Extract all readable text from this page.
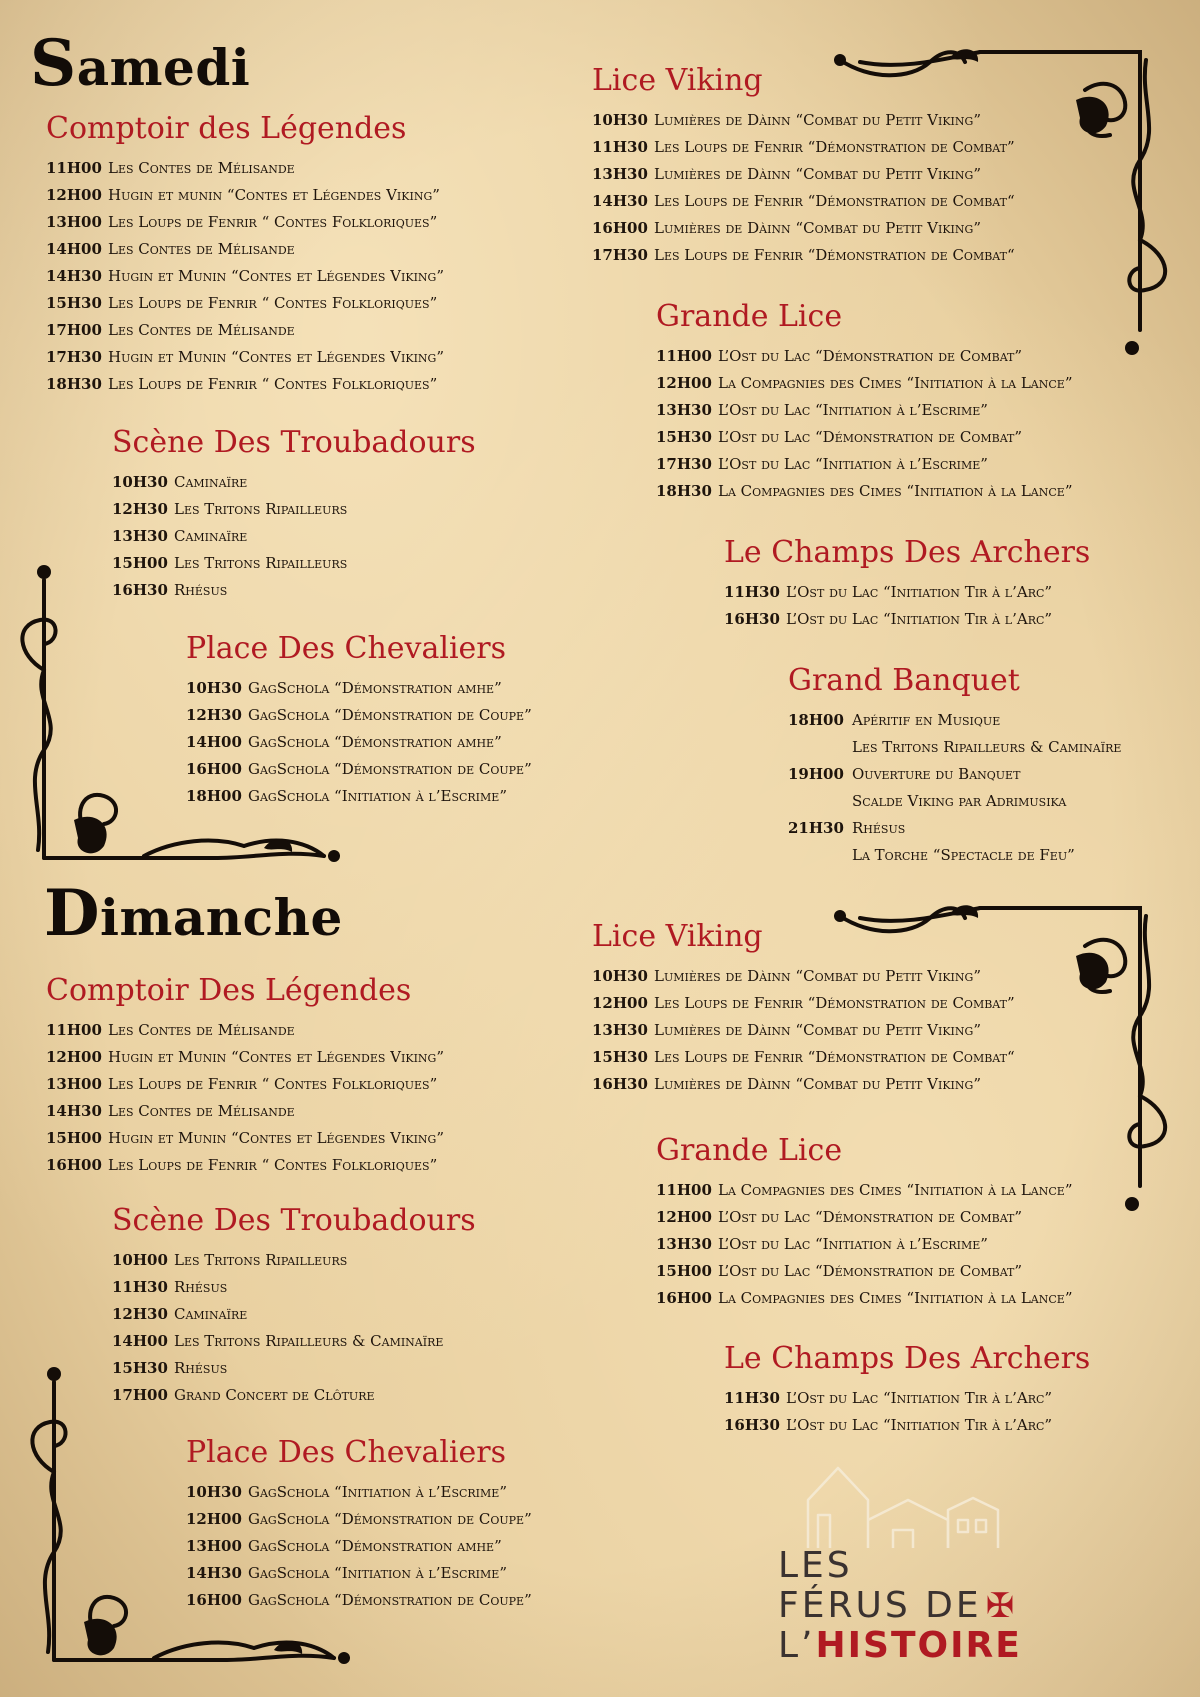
Samedi
Comptoir des Légendes
11H00 Les Contes de Mélisande
12H00 Hugin et munin “Contes et Légendes Viking”
13H00 Les Loups de Fenrir “ Contes Folkloriques”
14H00 Les Contes de Mélisande
14H30 Hugin et Munin “Contes et Légendes Viking”
15H30 Les Loups de Fenrir “ Contes Folkloriques”
17H00 Les Contes de Mélisande
17H30 Hugin et Munin “Contes et Légendes Viking”
18H30 Les Loups de Fenrir “ Contes Folkloriques”
Scène Des Troubadours
10H30 Caminaïre
12H30 Les Tritons Ripailleurs
13H30 Caminaïre
15H00 Les Tritons Ripailleurs
16H30 Rhésus
Place Des Chevaliers
10H30 GagSchola “Démonstration amhe”
12H30 GagSchola “Démonstration de Coupe”
14H00 GagSchola “Démonstration amhe”
16H00 GagSchola “Démonstration de Coupe”
18H00 GagSchola “Initiation à l’Escrime”
Lice Viking
10H30 Lumières de Dàinn “Combat du Petit Viking”
11H30 Les Loups de Fenrir “Démonstration de Combat”
13H30 Lumières de Dàinn “Combat du Petit Viking”
14H30 Les Loups de Fenrir “Démonstration de Combat“
16H00 Lumières de Dàinn “Combat du Petit Viking”
17H30 Les Loups de Fenrir “Démonstration de Combat“
Grande Lice
11H00 L’Ost du Lac “Démonstration de Combat”
12H00 La Compagnies des Cimes “Initiation à la Lance”
13H30 L’Ost du Lac “Initiation à l’Escrime”
15H30 L’Ost du Lac “Démonstration de Combat”
17H30 L’Ost du Lac “Initiation à l’Escrime”
18H30 La Compagnies des Cimes “Initiation à la Lance”
Le Champs Des Archers
11H30 L’Ost du Lac “Initiation Tir à l’Arc”
16H30 L’Ost du Lac “Initiation Tir à l’Arc”
Grand Banquet
18H00 Apéritif en Musique
Les Tritons Ripailleurs & Caminaïre
19H00 Ouverture du Banquet
Scalde Viking par Adrimusika
21H30 Rhésus
La Torche “Spectacle de Feu”
Dimanche
Comptoir Des Légendes
11H00 Les Contes de Mélisande
12H00 Hugin et Munin “Contes et Légendes Viking”
13H00 Les Loups de Fenrir “ Contes Folkloriques”
14H30 Les Contes de Mélisande
15H00 Hugin et Munin “Contes et Légendes Viking”
16H00 Les Loups de Fenrir “ Contes Folkloriques”
Scène Des Troubadours
10H00 Les Tritons Ripailleurs
11H30 Rhésus
12H30 Caminaïre
14H00 Les Tritons Ripailleurs & Caminaïre
15H30 Rhésus
17H00 Grand Concert de Clôture
Place Des Chevaliers
10H30 GagSchola “Initiation à l’Escrime”
12H00 GagSchola “Démonstration de Coupe”
13H00 GagSchola “Démonstration amhe”
14H30 GagSchola “Initiation à l’Escrime”
16H00 GagSchola “Démonstration de Coupe”
Lice Viking
10H30 Lumières de Dàinn “Combat du Petit Viking”
12H00 Les Loups de Fenrir “Démonstration de Combat”
13H30 Lumières de Dàinn “Combat du Petit Viking”
15H30 Les Loups de Fenrir “Démonstration de Combat“
16H30 Lumières de Dàinn “Combat du Petit Viking”
Grande Lice
11H00 La Compagnies des Cimes “Initiation à la Lance”
12H00 L’Ost du Lac “Démonstration de Combat”
13H30 L’Ost du Lac “Initiation à l’Escrime”
15H00 L’Ost du Lac “Démonstration de Combat”
16H00 La Compagnies des Cimes “Initiation à la Lance”
Le Champs Des Archers
11H30 L’Ost du Lac “Initiation Tir à l’Arc”
16H30 L’Ost du Lac “Initiation Tir à l’Arc”
LES
FÉRUS DE ✠
L’HISTOIRE
